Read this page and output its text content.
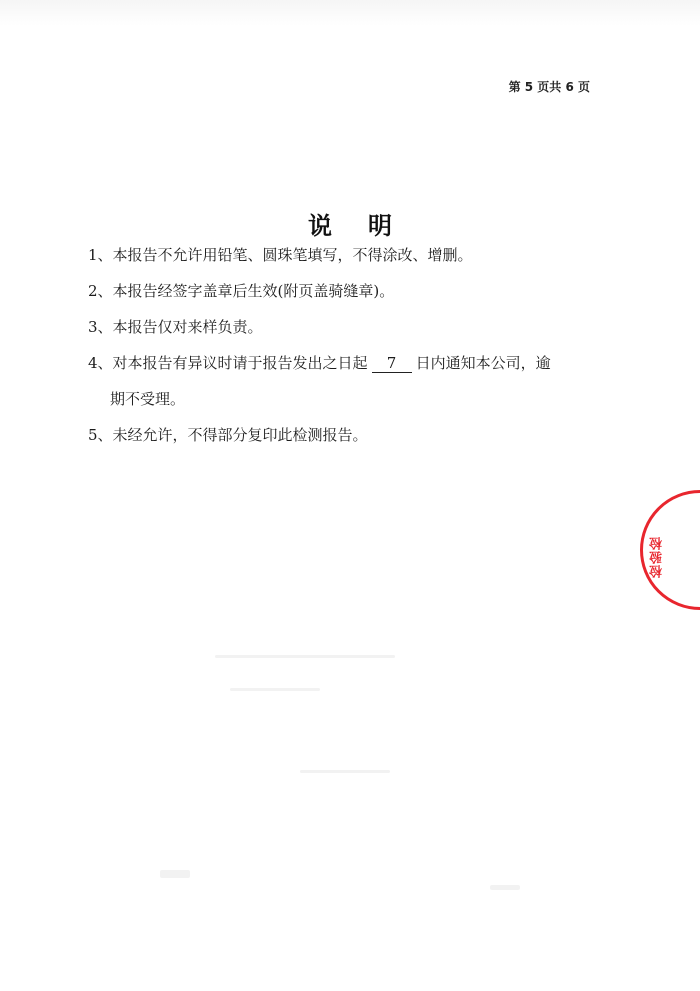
第 5 页共 6 页
说明
1、本报告不允许用铅笔、圆珠笔填写，不得涂改、增删。
2、本报告经签字盖章后生效(附页盖骑缝章)。
3、本报告仅对来样负责。
4、对本报告有异议时请于报告发出之日起 7 日内通知本公司，逾
期不受理。
5、未经允许，不得部分复印此检测报告。
检验检
